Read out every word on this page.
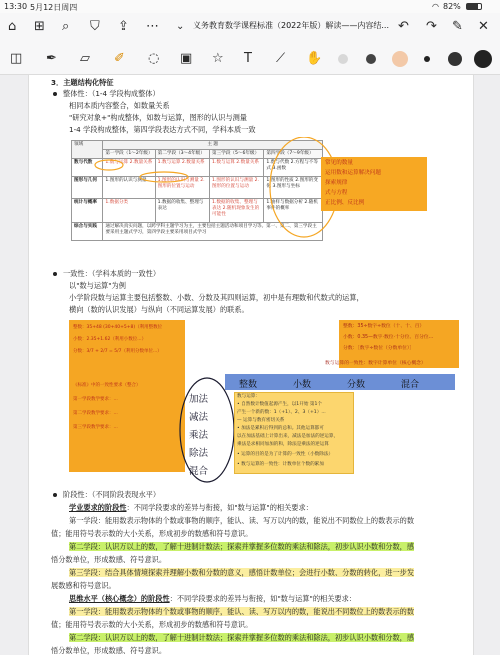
13:30 5月12日周四	◠ 82%
⌂ ⊞ ⌕ ⛉ ⇪ ⋯ ⌄	↶ ↷ ✎ ✕
义务教育数学课程标准（2022年版）解读——内容结...
◫ ✒ ▱ ✐ ◌ ▣ ☆ T ⟋ ✋
3．主题结构化特征
整体性：（1-4 学段构成整体）
相同本质内容整合，如数量关系
"研究对象+"构成整体，如数与运算，图形的认识与测量
1-4 学段构成整体，第四学段表达方式不同，学科本质一致
领域	主 题			
	第一学段（1～2年级）	第二学段（3～4年级）	第三学段（5～6年级）	第四学段（7～9年级）
数与代数	1.数与运算 2.数量关系	1.数与运算 2.数量关系	1.数与运算 2.数量关系	1.数与代数 2.方程与不等式 3.函数
图形与几何	1.图形的认识与测量	1.图形的认识与测量 2.图形的位置与运动	1.图形的认识与测量 2.图形的位置与运动	1.图形的性质 2.图形的变化 3.图形与坐标
统计与概率	1.数据分类	1.数据的收集、整理与表达	1.数据的收集、整理与表达 2.随机现象发生的可能性	1.抽样与数据分析 2.随机事件的概率
综合与实践	通过解决真实问题，以跨学科主题学习为主，主要包括主题活动和项目学习等。第一、第二、第三学段主要采用主题式学习，第四学段主要采用项目式学习			
常见的数量
运用数和运算解决问题
探索规律
式与方程
正比例、反比例
一致性：（学科本质的一致性）
以"数与运算"为例
小学阶段数与运算主要包括整数、小数、分数及其四则运算，初中是有理数和代数式的运算，
横向（数的认识发展）与纵向（不同运算发展）的联系。
整数：35+48 (30+40+5+8)（利用整数位
小数：2.35+1.62（利用小数位...）
分数：3/7 + 2/7 = 5/7（利用分数单位...）
《标准》中的一致性要求（整合）
第一学段数学要求：...
第二学段数学要求：...
第三学段数学要求：...
整数：35÷数字÷数位（十、十、百）
小数：0.35—数字·数位·十分位、百分位...
分数：［数字÷数位（分数单位）］
数与运算的一致性：数字计算单位（核心概念）
整数	小数	分数	混合
加法
减法
乘法
除法
混合
数与运算：
• 自然数计数值起源产生，以1开始 第1个
产生一个新的数：1（+1）、2、3（+1）...
— 运算与数有密切关系
• 加法是累积后得到的总和。其他运算都可
以在加法基础上计算出来，减法是加法的逆运算，
乘法是求相同加加的和，除法是乘法的逆运算
• 运算的目的是为了计算的一致性（小数除法）
• 数与运算的一致性：计数单位个数的累加
阶段性：（不同阶段表现水平）
学业要求的阶段性：不同学段要求的差异与衔接，如"数与运算"的相关要求：
第一学段：能用数表示物体的个数或事物的顺序，能认、读、写万以内的数，能说出不同数位上的数表示的数
值；能用符号表示数的大小关系，形成初步的数感和符号意识。
第二学段：认识万以上的数，了解十进制计数法；探索并掌握多位数的乘法和除法，初步认识小数和分数，感
悟分数单位，形成数感、符号意识。
第三学段：结合具体情境探索并理解小数和分数的意义，感悟计数单位；会进行小数、分数的转化，进一步发
展数感和符号意识。
思维水平（核心概念）的阶段性：不同学段要求的差异与衔接，如"数与运算"的相关要求：
第一学段：能用数表示物体的个数或事物的顺序，能认、读、写万以内的数，能说出不同数位上的数表示的数
值；能用符号表示数的大小关系，形成初步的数感和符号意识。
第二学段：认识万以上的数，了解十进制计数法；探索并掌握多位数的乘法和除法，初步认识小数和分数，感
悟分数单位，形成数感、符号意识。
